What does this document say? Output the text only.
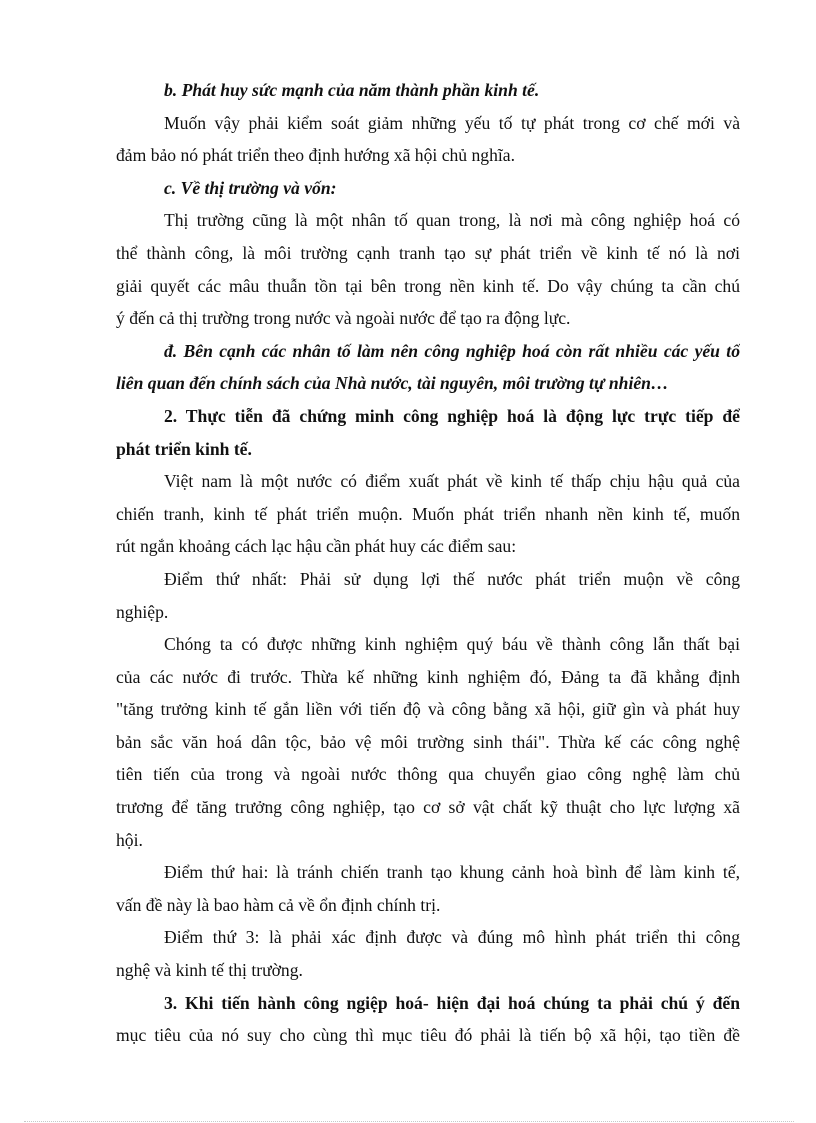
b. Phát huy sức mạnh của năm thành phần kinh tế.
Muốn vậy phải kiểm soát giảm những yếu tố tự phát trong cơ chế mới và
đảm bảo nó phát triển theo định hướng xã hội chủ nghĩa.
c. Về thị trường và vốn:
Thị trường cũng là một nhân tố quan trong, là nơi mà công nghiệp hoá có
thể thành công, là môi trường cạnh tranh tạo sự phát triển về kinh tế nó là nơi
giải quyết các mâu thuẫn tồn tại bên trong nền kinh tế. Do vậy chúng ta cần chú
ý đến cả thị trường trong nước và ngoài nước để tạo ra động lực.
đ. Bên cạnh các nhân tố làm nên công nghiệp hoá còn rất nhiều các yếu tố
liên quan đến chính sách của Nhà nước, tài nguyên, môi trường tự nhiên…
2. Thực tiễn đã chứng minh công nghiệp hoá là động lực trực tiếp để
phát triển kinh tế.
Việt nam là một nước có điểm xuất phát về kinh tế thấp chịu hậu quả của
chiến tranh, kinh tế phát triển muộn. Muốn phát triển nhanh nền kinh tế, muốn
rút ngắn khoảng cách lạc hậu cần phát huy các điểm sau:
Điểm thứ nhất: Phải sử dụng lợi thế nước phát triển muộn về công
nghiệp.
Chóng ta có được những kinh nghiệm quý báu về thành công lẫn thất bại
của các nước đi trước. Thừa kế những kinh nghiệm đó, Đảng ta đã khẳng định
"tăng trưởng kinh tế gắn liền với tiến độ và công bằng xã hội, giữ gìn và phát huy
bản sắc văn hoá dân tộc, bảo vệ môi trường sinh thái". Thừa kế các công nghệ
tiên tiến của trong và ngoài nước thông qua chuyển giao công nghệ làm chủ
trương để tăng trưởng công nghiệp, tạo cơ sở vật chất kỹ thuật cho lực lượng xã
hội.
Điểm thứ hai: là tránh chiến tranh tạo khung cảnh hoà bình để làm kinh tế,
vấn đề này là bao hàm cả về ổn định chính trị.
Điểm thứ 3: là phải xác định được và đúng mô hình phát triển thi công
nghệ và kinh tế thị trường.
3. Khi tiến hành công ngiệp hoá- hiện đại hoá chúng ta phải chú ý đến
mục tiêu của nó suy cho cùng thì mục tiêu đó phải là tiến bộ xã hội, tạo tiền đề
